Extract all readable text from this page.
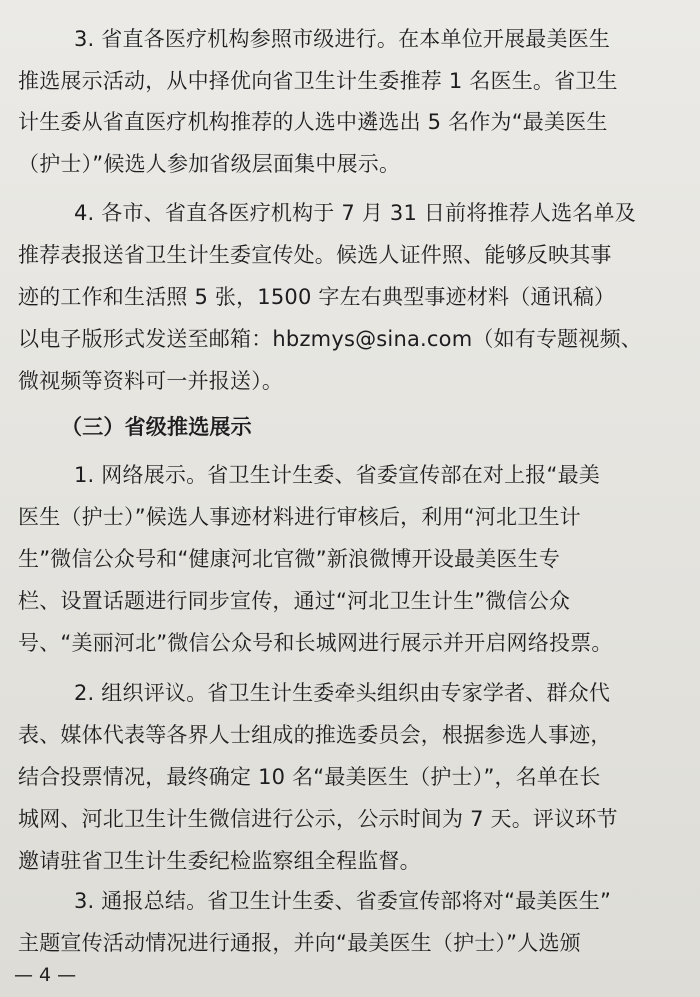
3. 省直各医疗机构参照市级进行。在本单位开展最美医生
推选展示活动，从中择优向省卫生计生委推荐 1 名医生。省卫生
计生委从省直医疗机构推荐的人选中遴选出 5 名作为“最美医生
（护士）”候选人参加省级层面集中展示。
4. 各市、省直各医疗机构于 7 月 31 日前将推荐人选名单及
推荐表报送省卫生计生委宣传处。候选人证件照、能够反映其事
迹的工作和生活照 5 张，1500 字左右典型事迹材料（通讯稿）
以电子版形式发送至邮箱：hbzmys@sina.com（如有专题视频、
微视频等资料可一并报送）。
（三）省级推选展示
1. 网络展示。省卫生计生委、省委宣传部在对上报“最美
医生（护士）”候选人事迹材料进行审核后，利用“河北卫生计
生”微信公众号和“健康河北官微”新浪微博开设最美医生专
栏、设置话题进行同步宣传，通过“河北卫生计生”微信公众
号、“美丽河北”微信公众号和长城网进行展示并开启网络投票。
2. 组织评议。省卫生计生委牵头组织由专家学者、群众代
表、媒体代表等各界人士组成的推选委员会，根据参选人事迹，
结合投票情况，最终确定 10 名“最美医生（护士）”，名单在长
城网、河北卫生计生微信进行公示，公示时间为 7 天。评议环节
邀请驻省卫生计生委纪检监察组全程监督。
3. 通报总结。省卫生计生委、省委宣传部将对“最美医生”
主题宣传活动情况进行通报，并向“最美医生（护士）”人选颁
— 4 —
